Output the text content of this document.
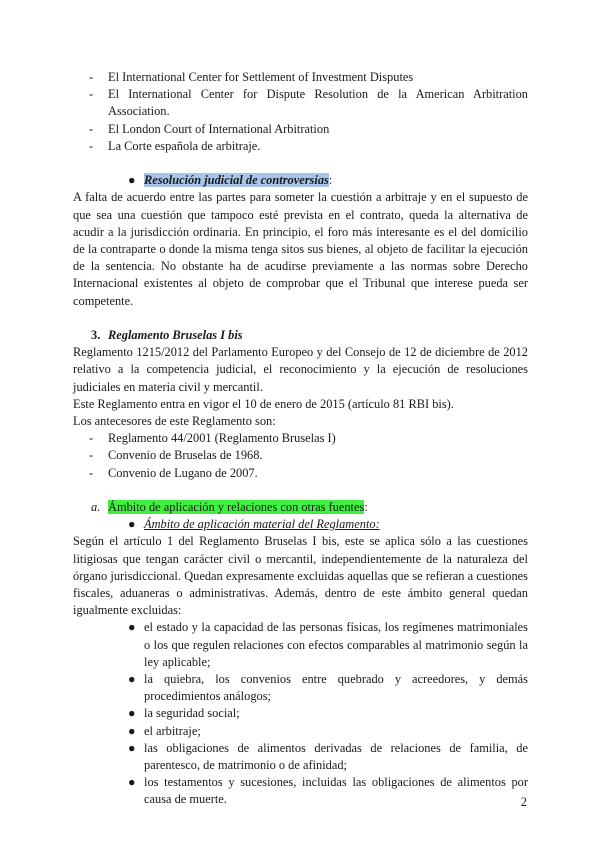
- El International Center for Settlement of Investment Disputes
- El International Center for Dispute Resolution de la American Arbitration Association.
- El London Court of International Arbitration
- La Corte española de arbitraje.

● Resolución judicial de controversias:

A falta de acuerdo entre las partes para someter la cuestión a arbitraje y en el supuesto de que sea una cuestión que tampoco esté prevista en el contrato, queda la alternativa de acudir a la jurisdicción ordinaria. En principio, el foro más interesante es el del domicilio de la contraparte o donde la misma tenga sitos sus bienes, al objeto de facilitar la ejecución de la sentencia. No obstante ha de acudirse previamente a las normas sobre Derecho Internacional existentes al objeto de comprobar que el Tribunal que interese pueda ser competente.

3. Reglamento Bruselas I bis

Reglamento 1215/2012 del Parlamento Europeo y del Consejo de 12 de diciembre de 2012 relativo a la competencia judicial, el reconocimiento y la ejecución de resoluciones judiciales en materia civil y mercantil.

Este Reglamento entra en vigor el 10 de enero de 2015 (artículo 81 RBI bis).

Los antecesores de este Reglamento son:

- Reglamento 44/2001 (Reglamento Bruselas I)
- Convenio de Bruselas de 1968.
- Convenio de Lugano de 2007.

a. Ámbito de aplicación y relaciones con otras fuentes:

● Ámbito de aplicación material del Reglamento:

Según el artículo 1 del Reglamento Bruselas I bis, este se aplica sólo a las cuestiones litigiosas que tengan carácter civil o mercantil, independientemente de la naturaleza del órgano jurisdiccional. Quedan expresamente excluidas aquellas que se refieran a cuestiones fiscales, aduaneras o administrativas. Además, dentro de este ámbito general quedan igualmente excluidas:

● el estado y la capacidad de las personas físicas, los regímenes matrimoniales o los que regulen relaciones con efectos comparables al matrimonio según la ley aplicable;
● la quiebra, los convenios entre quebrado y acreedores, y demás procedimientos análogos;
● la seguridad social;
● el arbitraje;
● las obligaciones de alimentos derivadas de relaciones de familia, de parentesco, de matrimonio o de afinidad;
● los testamentos y sucesiones, incluidas las obligaciones de alimentos por causa de muerte.	2
